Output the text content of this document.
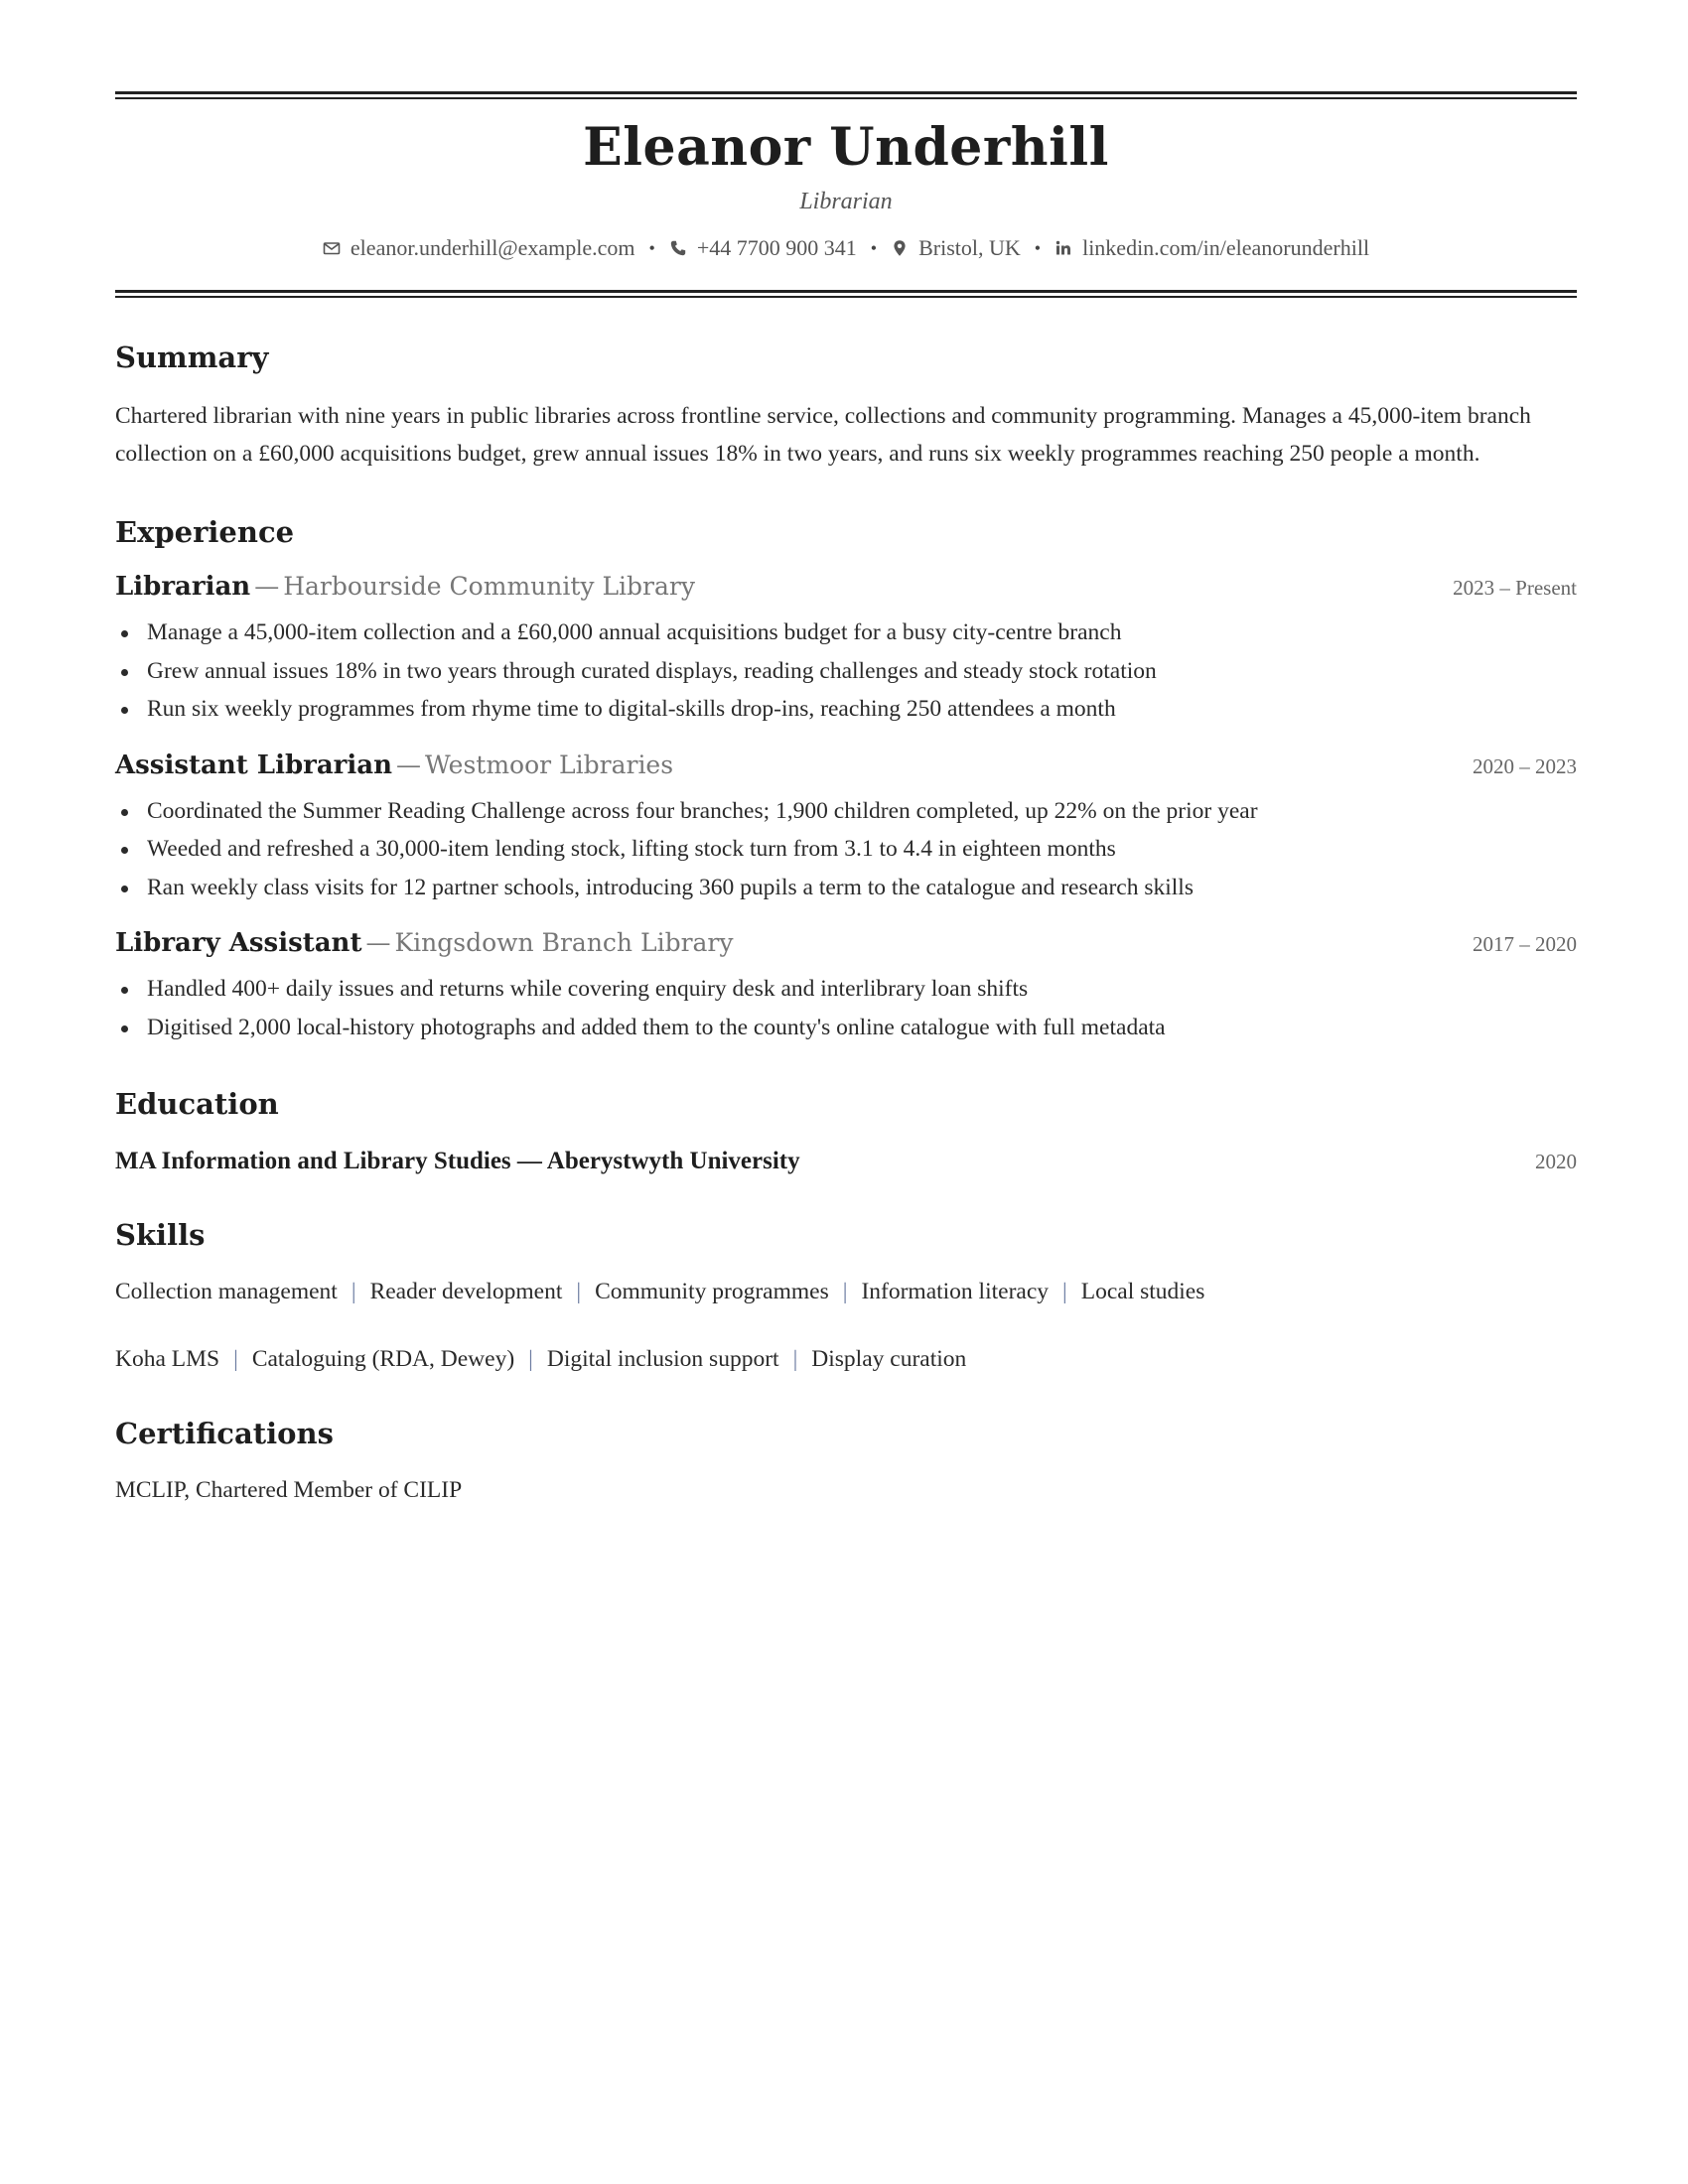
Eleanor Underhill
Librarian
eleanor.underhill@example.com • +44 7700 900 341 • Bristol, UK • linkedin.com/in/eleanorunderhill
Summary
Chartered librarian with nine years in public libraries across frontline service, collections and community programming. Manages a 45,000-item branch collection on a £60,000 acquisitions budget, grew annual issues 18% in two years, and runs six weekly programmes reaching 250 people a month.
Experience
Librarian — Harbourside Community Library	2023 – Present
Manage a 45,000-item collection and a £60,000 annual acquisitions budget for a busy city-centre branch
Grew annual issues 18% in two years through curated displays, reading challenges and steady stock rotation
Run six weekly programmes from rhyme time to digital-skills drop-ins, reaching 250 attendees a month
Assistant Librarian — Westmoor Libraries	2020 – 2023
Coordinated the Summer Reading Challenge across four branches; 1,900 children completed, up 22% on the prior year
Weeded and refreshed a 30,000-item lending stock, lifting stock turn from 3.1 to 4.4 in eighteen months
Ran weekly class visits for 12 partner schools, introducing 360 pupils a term to the catalogue and research skills
Library Assistant — Kingsdown Branch Library	2017 – 2020
Handled 400+ daily issues and returns while covering enquiry desk and interlibrary loan shifts
Digitised 2,000 local-history photographs and added them to the county's online catalogue with full metadata
Education
MA Information and Library Studies — Aberystwyth University	2020
Skills
Collection management | Reader development | Community programmes | Information literacy | Local studies
Koha LMS | Cataloguing (RDA, Dewey) | Digital inclusion support | Display curation
Certifications
MCLIP, Chartered Member of CILIP
